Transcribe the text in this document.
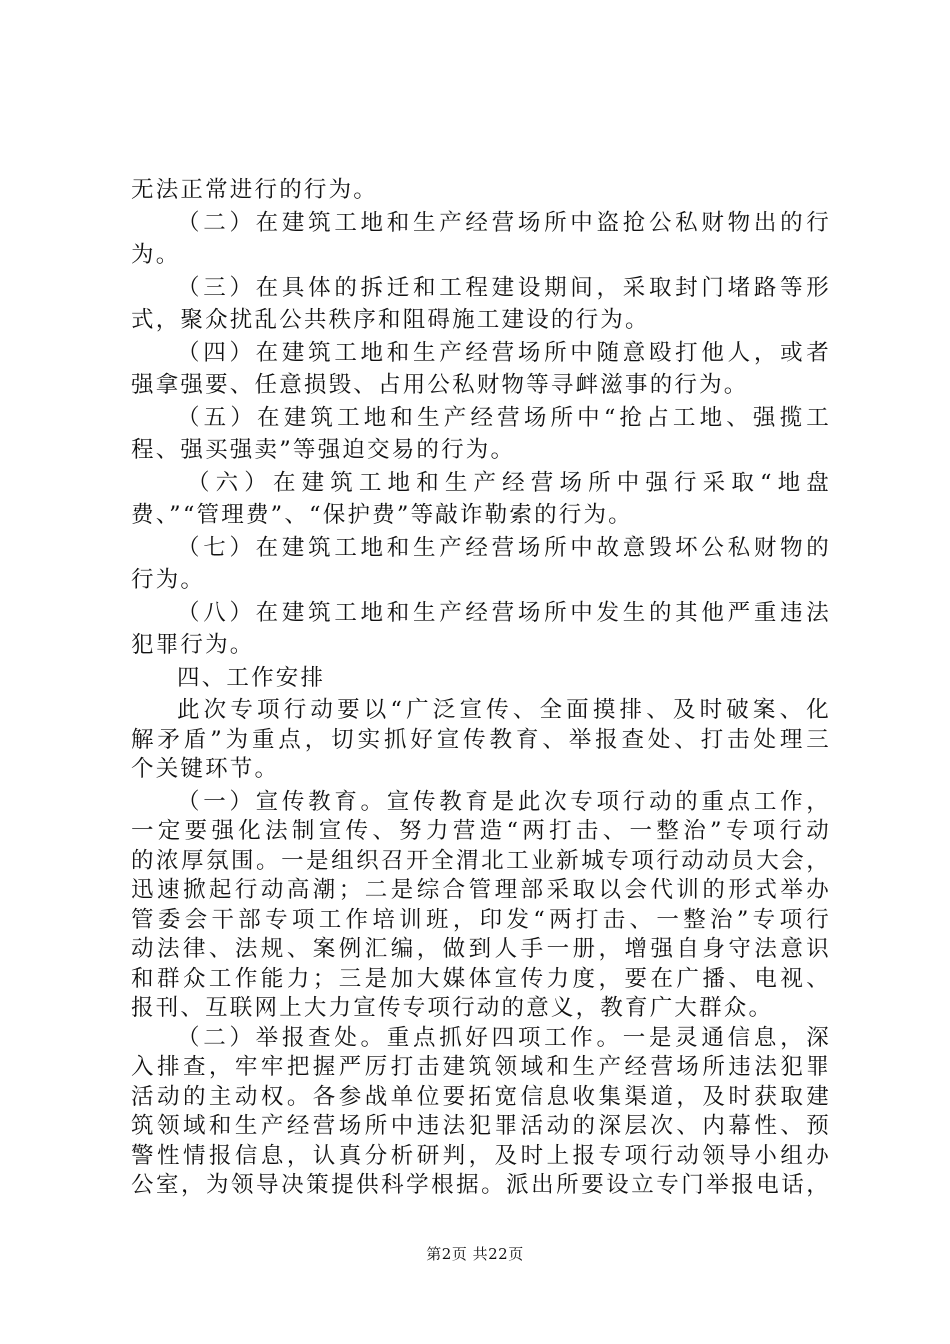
无法正常进行的行为。
（二）在建筑工地和生产经营场所中盗抢公私财物出的行
为。
（三）在具体的拆迁和工程建设期间，采取封门堵路等形
式，聚众扰乱公共秩序和阻碍施工建设的行为。
（四）在建筑工地和生产经营场所中随意殴打他人，或者
强拿强要、任意损毁、占用公私财物等寻衅滋事的行为。
（五）在建筑工地和生产经营场所中“抢占工地、强揽工
程、强买强卖”等强迫交易的行为。
（六）在建筑工地和生产经营场所中强行采取“地盘
费、”“管理费”、“保护费”等敲诈勒索的行为。
（七）在建筑工地和生产经营场所中故意毁坏公私财物的
行为。
（八）在建筑工地和生产经营场所中发生的其他严重违法
犯罪行为。
四、工作安排
此次专项行动要以“广泛宣传、全面摸排、及时破案、化
解矛盾”为重点，切实抓好宣传教育、举报查处、打击处理三
个关键环节。
（一）宣传教育。宣传教育是此次专项行动的重点工作，
一定要强化法制宣传、努力营造“两打击、一整治”专项行动
的浓厚氛围。一是组织召开全渭北工业新城专项行动动员大会，
迅速掀起行动高潮；二是综合管理部采取以会代训的形式举办
管委会干部专项工作培训班，印发“两打击、一整治”专项行
动法律、法规、案例汇编，做到人手一册，增强自身守法意识
和群众工作能力；三是加大媒体宣传力度，要在广播、电视、
报刊、互联网上大力宣传专项行动的意义，教育广大群众。
（二）举报查处。重点抓好四项工作。一是灵通信息，深
入排查，牢牢把握严厉打击建筑领域和生产经营场所违法犯罪
活动的主动权。各参战单位要拓宽信息收集渠道，及时获取建
筑领域和生产经营场所中违法犯罪活动的深层次、内幕性、预
警性情报信息，认真分析研判，及时上报专项行动领导小组办
公室，为领导决策提供科学根据。派出所要设立专门举报电话，
第2页 共22页
